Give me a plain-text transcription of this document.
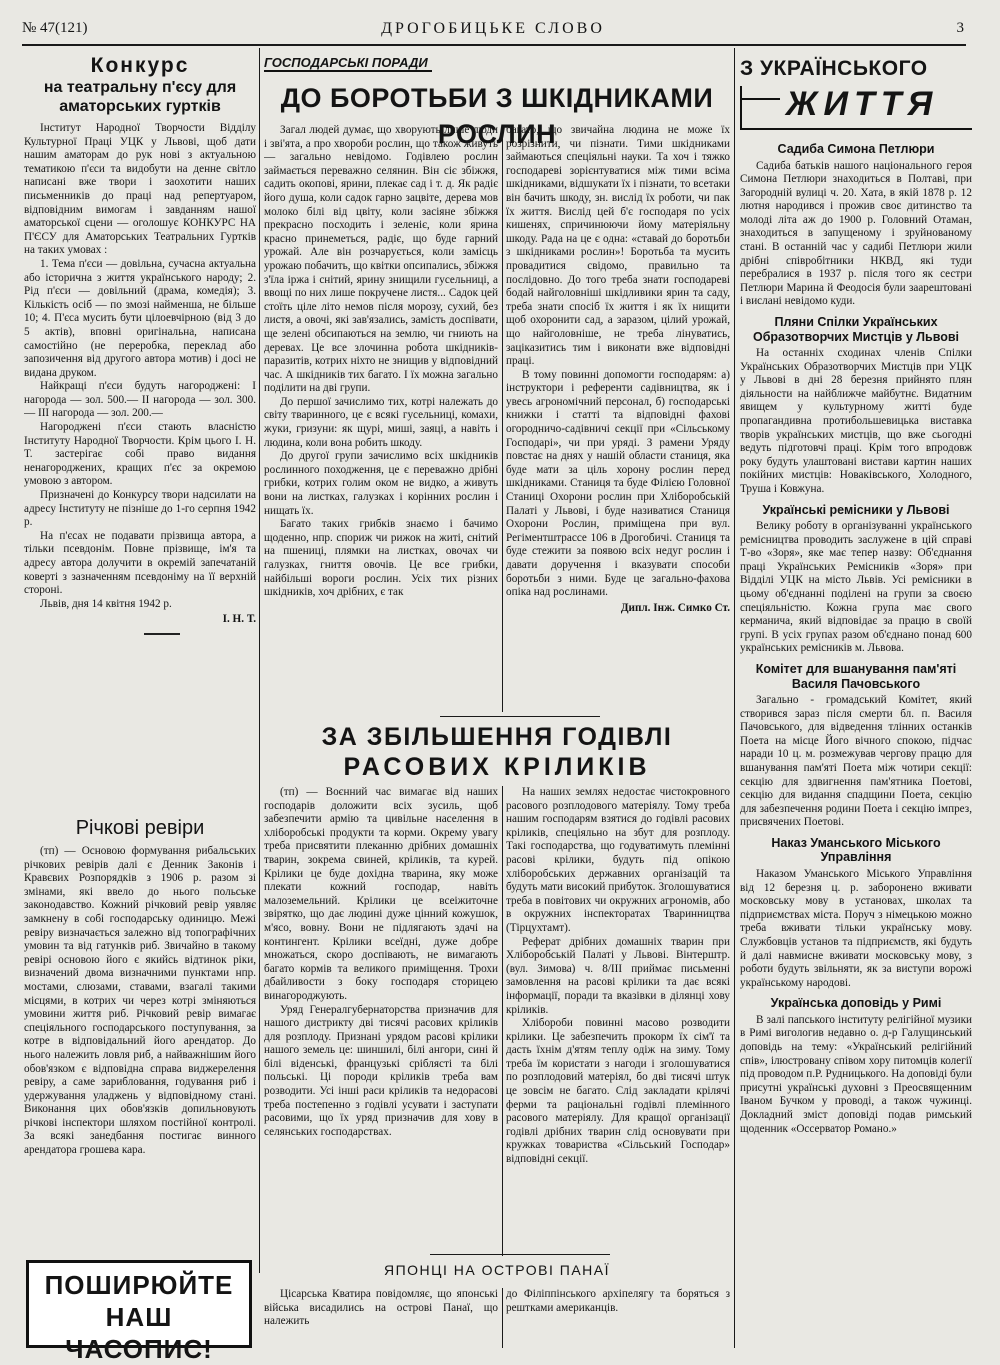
№ 47(121)	ДРОГОБИЦЬКЕ СЛОВО	3
Конкурс
на театральну п'єсу для аматорських гуртків

Інститут Народної Творчости Відділу Культурної Праці УЦК у Львові, щоб дати нашим аматорам до рук нові з актуальною тематикою п'єси та видобути на денне світло написані вже твори і заохотити наших письменників до праці над репертуаром, відповідним вимогам і завданням нашої аматорської сцени — оголошує КОНКУРС НА П'ЄСУ для Аматорських Театральних Гуртків на таких умовах :

1. Тема п'єси — довільна, сучасна актуальна або історична з життя українського народу; 2. Рід п'єси — довільний (драма, комедія); 3. Кількість осіб — по змозі найменша, не більше 10; 4. П'єса мусить бути цілоевчірною (від 3 до 5 актів), вповні оригінальна, написана самостійно (не переробка, переклад або запозичення від другого автора мотив) і досі не видана друком.

Найкращі п'єси будуть нагороджені: І нагорода — зол. 500.— ІІ нагорода — зол. 300.— ІІІ нагорода — зол. 200.—

Нагороджені п'єси стають власністю Інституту Народної Творчости. Крім цього І. Н. Т. застерігає собі право видання ненагороджених, кращих п'єс за окремою умовою з автором.

Призначені до Конкурсу твори надсилати на адресу Інституту не пізніше до 1-го серпня 1942 р.

На п'єсах не подавати прізвища автора, а тільки псевдонім. Повне прізвище, ім'я та адресу автора долучити в окремій запечатаній коверті з зазначенням псевдоніму на її верхній стороні.

Львів, дня 14 квітня 1942 р.

І. Н. Т.
Річкові ревіри

(тп) — Основою формування рибальських річкових ревірів далі є Денник Законів і Кравєвих Розпорядків з 1906 р. разом зі змінами, які ввело до нього польське законодавство. Кожний річковий ревір уявляє замкнену в собі господарську одиницю. Межі ревіру визначається залежно від топографічних умовин та від гатунків риб. Звичайно в такому ревірі основою його є якийсь відтинок ріки, визначений двома визначними пунктами нпр. мостами, слюзами, ставами, взагалі такими місцями, в котрих чи через котрі зміняються умовини життя риб. Річковий ревір вимагає спеціяльного господарського поступування, за котре в відповідальний його арендатор. До нього належить ловля риб, а найважнішим його обов'язком є відповідна справа виджерелення ревіру, а саме зарибловання, годування риб і удержування уладжень у відповідному стані. Виконання цих обов'язків допильновують річкові інспектори шляхом постійної контролі. За всякі занедбання постигає винного арендатора грошева кара.

ПОШИРЮЙТЕ
НАШ ЧАСОПИС!
ГОСПОДАРСЬКІ ПОРАДИ
ДО БОРОТЬБИ З ШКІДНИКАМИ РОСЛИН

Загал людей думає, що хворують лише люди і зві'ята, а про хвороби рослин, що також живуть — загально невідомо. Годівлею рослин займається переважно селянин. Він сіє збіжжя, садить окопові, ярини, плекає сад і т. д. Як радіє його душа, коли садок гарно зацвіте, дерева мов молоко білі від цвіту, коли засіяне збіжжя прекрасно посходить і зеленіє, коли ярина красно принеметься, радіє, що буде гарний урожай. Але він розчарується, коли замісць урожаю побачить, що квітки опсипались, збіжжя з'їла іржа і снітий, ярину знищили гусельниці, а ввощі по них лише покручене листя... Садок цей стоїть ціле літо немов після морозу, сухий, без листя, а овочі, які зав'язались, замість доспівати, ще зелені обсипаються на землю, чи гниють на деревах. Це все злочинна робота шкідників-паразитів, котрих ніхто не знищив у відповідний час. А шкідників тих багато. І їх можна загально поділити на дві групи.

До першої зачислимо тих, котрі належать до світу тваринного, це є всякі гусельниці, комахи, жуки, гризуни: як щурі, миші, заяці, а навіть і людина, коли вона робить шкоду.

До другої групи зачислимо всіх шкідників рослинного походження, це є переважно дрібні грибки, котрих голим оком не видко, а живуть вони на листках, галузках і корінних рослин і нищать їх.

Багато таких грибків знаємо і бачимо щоденно, нпр. спориж чи рижок на житі, снітий на пшениці, плямки на листках, овочах чи галузках, гниття овочів. Це все грибки, найбільші вороги рослин. Усіх тих різних шкідників, хоч дрібних, є так

багато, що звичайна людина не може їх розрізнити, чи пізнати. Тими шкідниками займаються спеціяльні науки. Та хоч і тяжко господареві зорієнтуватися між тими всіма шкідниками, відшукати їх і пізнати, то всетаки він бачить шкоду, зн. вислід їх роботи, чи пак їх життя. Вислід цей б'є господаря по усіх кишенях, спричинюючи йому матеріяльну шкоду. Рада на це є одна: «ставай до боротьби з шкідниками рослин»! Боротьба та мусить провадитися свідомо, правильно та послідовно. До того треба знати господареві бодай найголовніші шкідливики ярин та саду, треба знати спосіб їх життя і як їх нищити щоб охоронити сад, а заразом, цілий урожай, що найголовніше, не треба лінуватись, заціказитись тим і виконати вже відповідні праці.

В тому повинні допомогти господарям: а) інструктори і референти садівництва, як і увесь агрономічний персонал, б) господарські книжки і статті та відповідні фахові огородничо-садівничі секції при «Сільському Господарі», чи при уряді. З рамени Уряду повстає на днях у нашій области станиця, яка буде мати за ціль хорону рослин перед шкідниками. Станиця та буде Філією Головної Станиці Охорони рослин при Хліборобській Палаті у Львові, і буде називатися Станиця Охорони Рослин, приміщена при вул. Регіментштрассе 106 в Дрогобичі. Станиця та буде стежити за появою всіх недуг рослин і давати доручення і вказувати способи боротьби з ними. Буде це загально-фахова опіка над рослинами.

Дипл. Інж. Симко Ст.
ЗА ЗБІЛЬШЕННЯ ГОДІВЛІ
РАСОВИХ КРІЛИКІВ

(тп) — Воєнний час вимагає від наших господарів доложити всіх зусиль, щоб забезпечити армію та цивільне населення в хліборобські продукти та корми. Окрему увагу треба присвятити плеканню дрібних домашніх тварин, зокрема свиней, кріликів, та курей. Крілики це буде дохідна тварина, яку може плекати кожний господар, навіть малоземельний. Крілики це всеіжиточне звірятко, що дає людині дуже цінний кожушок, м'ясо, вовну. Вони не підлягають здачі на контингент. Крілики всеїдні, дуже добре множаться, скоро доспівають, не вимагають багато кормів та великого приміщення. Трохи дбайливости з боку господаря сторицею винагороджують.

Уряд Генералгубернаторства призначив для нашого дистрикту дві тисячі расових кріликів для розплоду. Признані урядом расові крілики нашого земель це: шиншилі, білі ангори, сині й білі віденські, французькі сріблясті та білі польські. Ці породи кріликів треба вам розводити. Усі інші раси кріликів та недорасові треба постепенно з годівлі усувати і заступати расовими, що їх уряд призначив для хову в селянських господарствах.

На наших землях недостає чистокровного расового розплодового матеріялу. Тому треба нашим господарям взятися до годівлі расових кріликів, спеціяльно на збут для розплоду. Такі господарства, що годуватимуть племінні расові крілики, будуть під опікою хліборобських державних організацій та будуть мати високий прибуток. Зголошуватися треба в повітових чи окружних агрономів, або в окружних інспекторатах Тваринництва (Тірцухтамт).

Реферат дрібних домашніх тварин при Хліборобській Палаті у Львові. Вінтерштр. (вул. Зимова) ч. 8/ІІІ приймає письменні замовлення на расові крілики та дає всякі інформації, поради та вказівки в ділянці хову кріликів.

Хлібороби повинні масово розводити крілики. Це забезпечить прокорм їх сім'ї та дасть їхнім д'ятям теплу одіж на зиму. Тому треба їм користати з нагоди і зголошуватися по розплодовий матеріял, бо дві тисячі штук це зовсім не багато. Слід закладати крілячі ферми та раціональні годівлі племінного расового матеріялу. Для кращої організації годівлі дрібних тварин слід основувати при кружках товариства «Сільський Господар» відповідні секції.

ЯПОНЦІ НА ОСТРОВІ ПАНАЇ

Цісарська Кватира повідомляє, що японські війська висадились на острові Панаї, що належить

до Філіппінського архіпелягу та боряться з рештками американців.

З УКРАЇНСЬКОГО
ЖИТТЯ
Садиба Симона Петлюри

Садиба батьків нашого національного героя Симона Петлюри знаходиться в Полтаві, при Загородній вулиці ч. 20. Хата, в якій 1878 р. 12 лютня народився і прожив своє дитинство та молоді літа аж до 1900 р. Головний Отаман, знаходиться в запущеному і зруйнованому стані. В останній час у садибі Петлюри жили дрібні співробітники НКВД, які туди перебралися в 1937 р. після того як сестри Петлюри Марина й Феодосія були заарештовані і вислані невідомо куди.

Пляни Спілки Українських Образотворчих Мистців у Львові

На останніх сходинах членів Спілки Українських Образотворчих Мистців при УЦК у Львові в дні 28 березня прийнято плян діяльности на найближче майбутнє. Видатним явищем у культурному житті буде пропагандивна протибольшевицька виставка творів українських мистців, що вже сьогодні ведуть підготовчі праці. Крім того впродовж року будуть улаштовані вистави картин наших покійних мистців: Новаківського, Холодного, Труша і Ковжуна.

Українські ремісники у Львові

Велику роботу в організуванні українського ремісництва проводить заслужене в цій справі Т-во «Зоря», яке має тепер назву: Об'єднання праці Українських Ремісників «Зоря» при Відділі УЦК на місто Львів. Усі ремісники в цьому об'єднанні поділені на групи за своєю спеціяльністю. Кожна група має свого керманича, який відповідає за працю в своїй групі. В усіх групах разом об'єднано понад 600 українських ремісників м. Львова.

Комітет для вшанування пам'яті Василя Пачовського

Загально - громадський Комітет, який створився зараз після смерти бл. п. Василя Пачовського, для відведення тлінних останків Поета на місце Його вічного спокою, підчас наради 10 ц. м. розмежував чергову працю для вшанування пам'яті Поета між чотири секції: секцію для здвигнення пам'ятника Поетові, секцію для видання спадщини Поета, секцію для забезпечення родини Поета і секцію імпрез, присвячених Поетові.

Наказ Уманського Міського Управління

Наказом Уманського Міського Управління від 12 березня ц. р. заборонено вживати московську мову в установах, школах та підприємствах міста. Поруч з німецькою можно треба вживати тільки українську мову. Службовців установ та підприємств, які будуть й далі навмисне вживати московську мову, з роботи будуть звільняти, як за виступи ворожі українському народові.

Українська доповідь у Римі

В залі папського інституту релігійної музики в Римі вигологив недавно о. д-р Галущинський доповідь на тему: «Український релігійний спів», ілюстровану співом хору питомців колегії під проводом п.Р. Рудницького. На доповіді були присутні українські духовні з Преосвященним Іваном Бучком у проводі, а також чужинці. Докладний зміст доповіді подав римський щоденник «Оссерватор Романо.»
